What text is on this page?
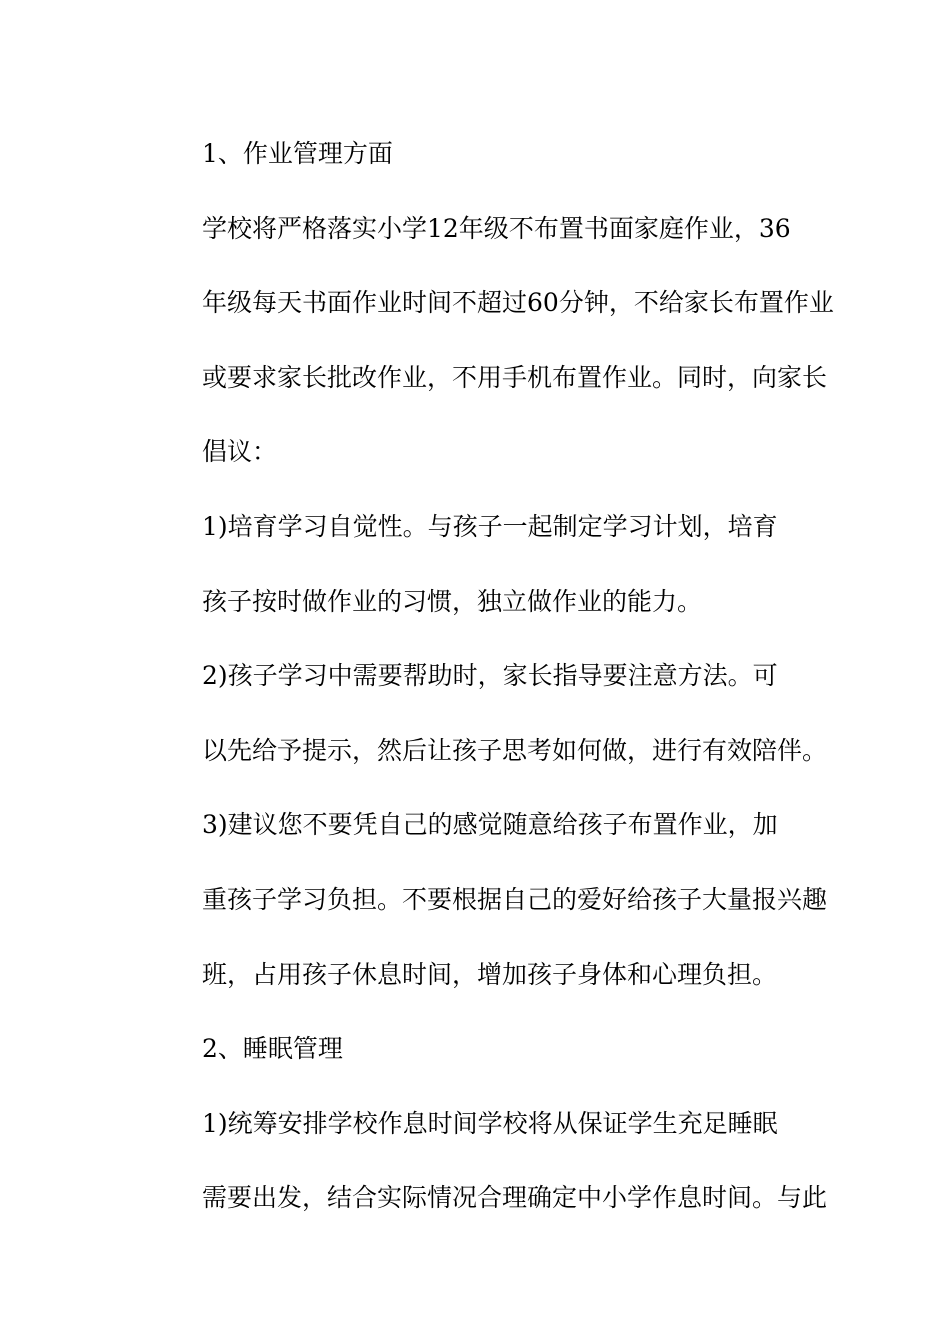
1、作业管理方面

学校将严格落实小学12年级不布置书面家庭作业，36
年级每天书面作业时间不超过60分钟，不给家长布置作业
或要求家长批改作业，不用手机布置作业。同时，向家长
倡议：

1)培育学习自觉性。与孩子一起制定学习计划，培育
孩子按时做作业的习惯，独立做作业的能力。

2)孩子学习中需要帮助时，家长指导要注意方法。可
以先给予提示，然后让孩子思考如何做，进行有效陪伴。

3)建议您不要凭自己的感觉随意给孩子布置作业，加
重孩子学习负担。不要根据自己的爱好给孩子大量报兴趣
班，占用孩子休息时间，增加孩子身体和心理负担。

2、睡眠管理

1)统筹安排学校作息时间学校将从保证学生充足睡眠
需要出发，结合实际情况合理确定中小学作息时间。与此
